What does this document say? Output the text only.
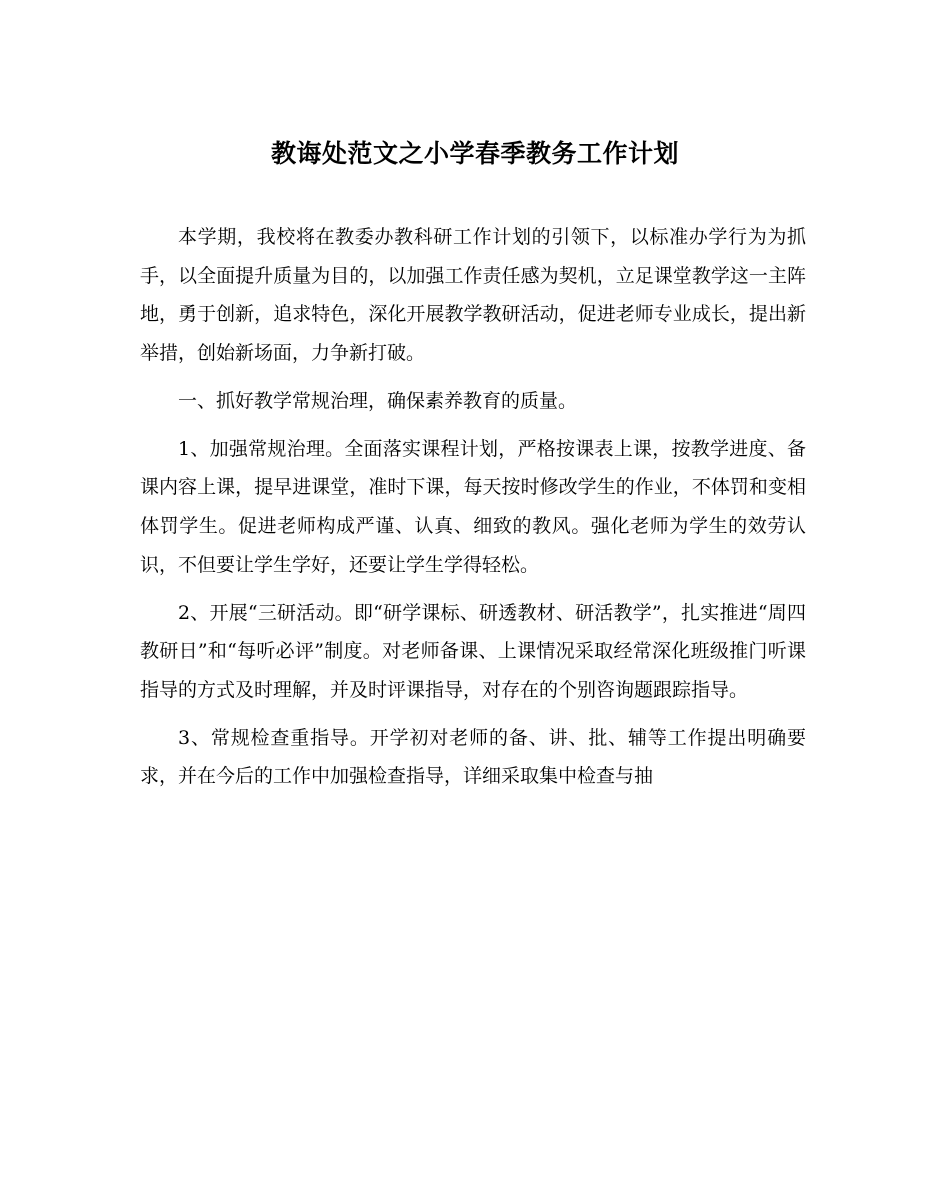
教诲处范文之小学春季教务工作计划

本学期，我校将在教委办教科研工作计划的引领下，以标准办学行为为抓手，以全面提升质量为目的，以加强工作责任感为契机，立足课堂教学这一主阵地，勇于创新，追求特色，深化开展教学教研活动，促进老师专业成长，提出新举措，创始新场面，力争新打破。

一、抓好教学常规治理，确保素养教育的质量。

1、加强常规治理。全面落实课程计划，严格按课表上课，按教学进度、备课内容上课，提早进课堂，准时下课，每天按时修改学生的作业，不体罚和变相体罚学生。促进老师构成严谨、认真、细致的教风。强化老师为学生的效劳认识，不但要让学生学好，还要让学生学得轻松。

2、开展“三研活动。即“研学课标、研透教材、研活教学”，扎实推进“周四教研日”和“每听必评”制度。对老师备课、上课情况采取经常深化班级推门听课指导的方式及时理解，并及时评课指导，对存在的个别咨询题跟踪指导。

3、常规检查重指导。开学初对老师的备、讲、批、辅等工作提出明确要求，并在今后的工作中加强检查指导，详细采取集中检查与抽
